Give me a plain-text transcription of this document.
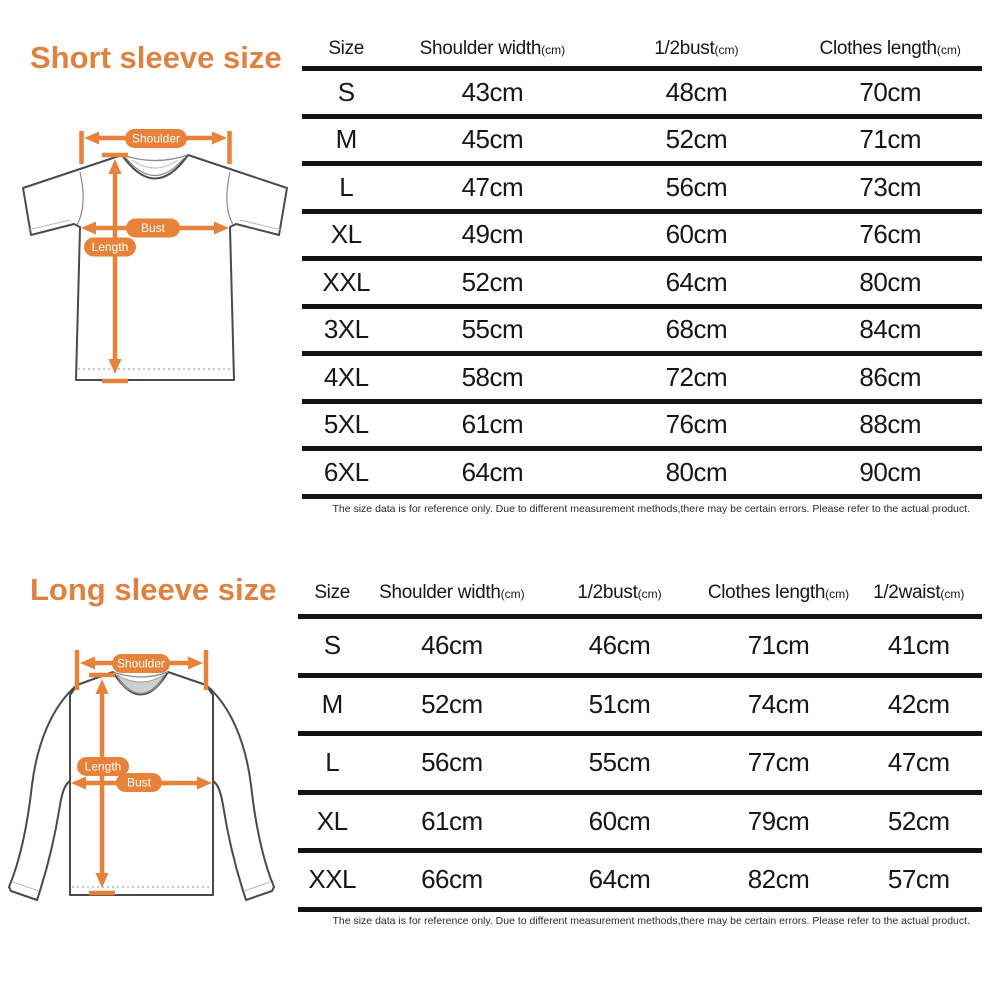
Short sleeve size
Shoulder
Bust
Length
Size	Shoulder width(cm)	1/2bust(cm)	Clothes length(cm)
S	43cm	48cm	70cm
M	45cm	52cm	71cm
L	47cm	56cm	73cm
XL	49cm	60cm	76cm
XXL	52cm	64cm	80cm
3XL	55cm	68cm	84cm
4XL	58cm	72cm	86cm
5XL	61cm	76cm	88cm
6XL	64cm	80cm	90cm
The size data is for reference only. Due to different measurement methods,there may be certain errors. Please refer to the actual product.
Long sleeve size
Shoulder
Length
Bust
Size	Shoulder width(cm)	1/2bust(cm)	Clothes length(cm)	1/2waist(cm)
S	46cm	46cm	71cm	41cm
M	52cm	51cm	74cm	42cm
L	56cm	55cm	77cm	47cm
XL	61cm	60cm	79cm	52cm
XXL	66cm	64cm	82cm	57cm
The size data is for reference only. Due to different measurement methods,there may be certain errors. Please refer to the actual product.
